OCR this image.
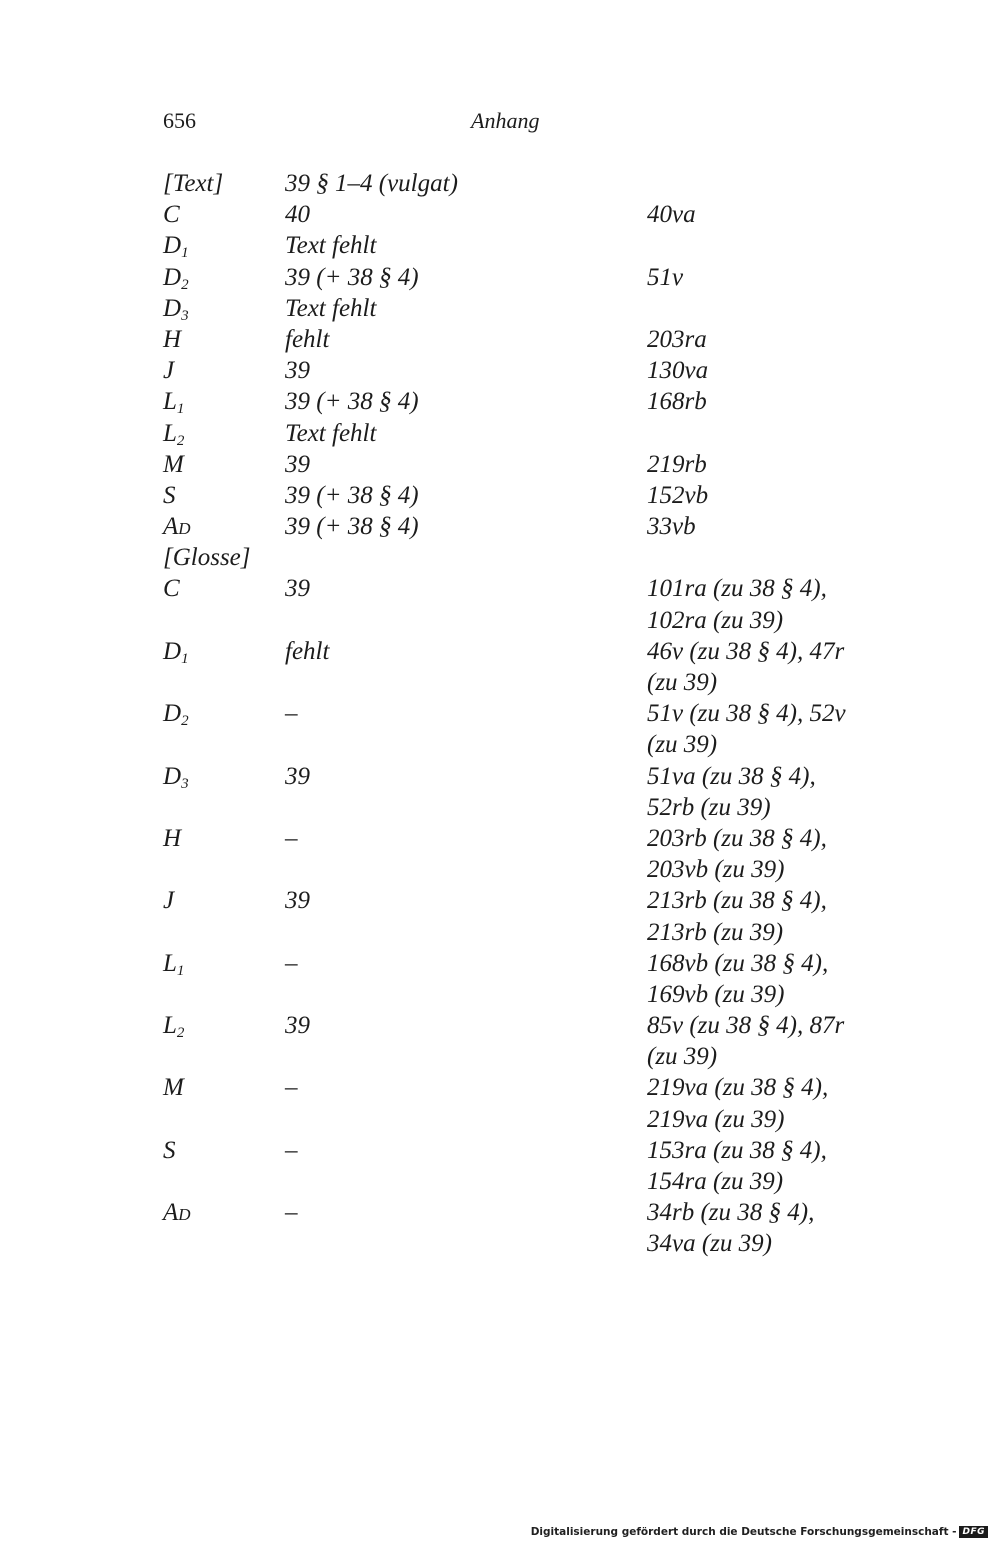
656	Anhang
[Text]	39 § 1–4 (vulgat)
C	40	40va
$D_1$	Text fehlt
$D_2$	39 (+ 38 § 4)	51v
$D_3$	Text fehlt
H	fehlt	203ra
J	39	130va
$L_1$	39 (+ 38 § 4)	168rb
$L_2$	Text fehlt
M	39	219rb
S	39 (+ 38 § 4)	152vb
AD	39 (+ 38 § 4)	33vb
[Glosse]
C	39	101ra (zu 38 § 4),
102ra (zu 39)
$D_1$	fehlt	46v (zu 38 § 4), 47r
(zu 39)
$D_2$	–	51v (zu 38 § 4), 52v
(zu 39)
$D_3$	39	51va (zu 38 § 4),
52rb (zu 39)
H	–	203rb (zu 38 § 4),
203vb (zu 39)
J	39	213rb (zu 38 § 4),
213rb (zu 39)
$L_1$	–	168vb (zu 38 § 4),
169vb (zu 39)
$L_2$	39	85v (zu 38 § 4), 87r
(zu 39)
M	–	219va (zu 38 § 4),
219va (zu 39)
S	–	153ra (zu 38 § 4),
154ra (zu 39)
AD	–	34rb (zu 38 § 4),
34va (zu 39)
Digitalisierung gefördert durch die Deutsche Forschungsgemeinschaft - DFG
